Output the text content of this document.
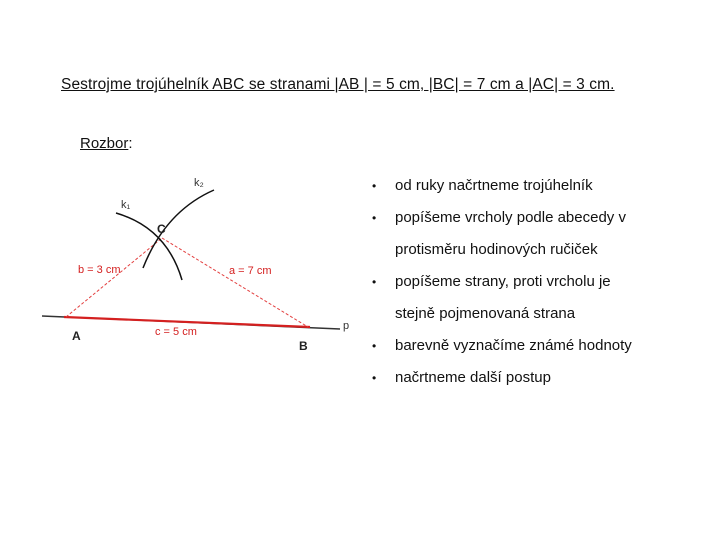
Sestrojme trojúhelník ABC se stranami |AB | = 5 cm, |BC| = 7 cm a |AC| = 3 cm.
Rozbor:
k₂
k₁
C
b = 3 cm	a = 7 cm
p
A	c = 5 cm
B
• od ruky načrtneme trojúhelník
• popíšeme vrcholy podle abecedy v
protisměru hodinových ručiček
• popíšeme strany, proti vrcholu je
stejně pojmenovaná strana
• barevně vyznačíme známé hodnoty
• načrtneme další postup
